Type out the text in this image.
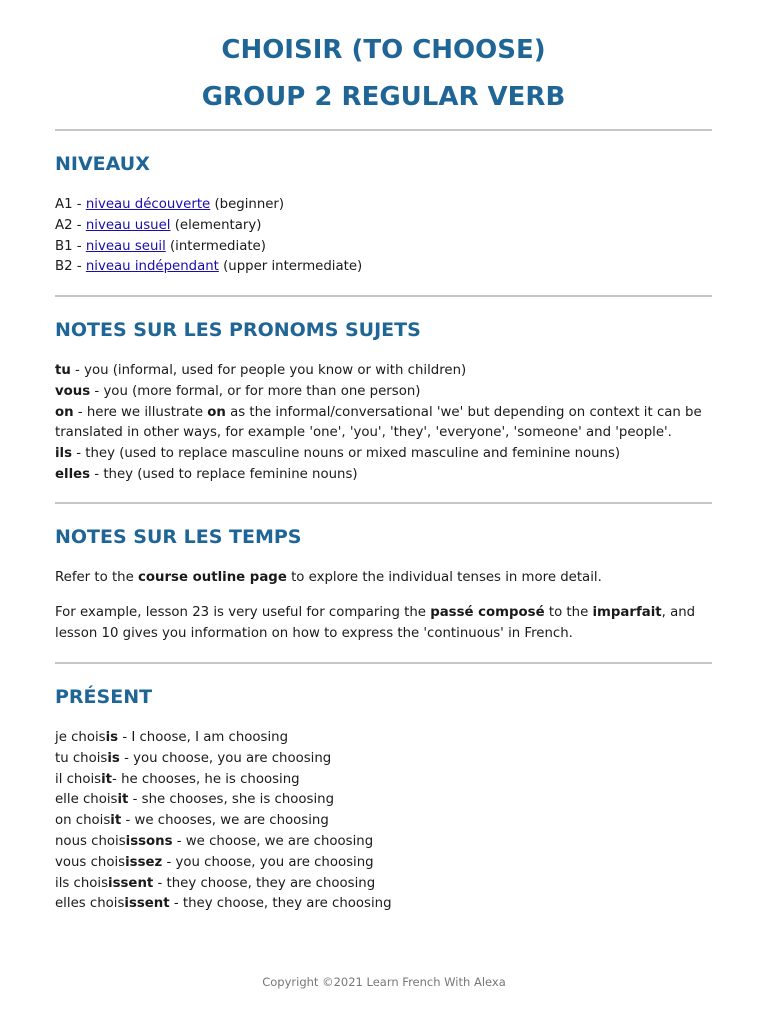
CHOISIR (TO CHOOSE)
GROUP 2 REGULAR VERB
NIVEAUX

A1 - niveau découverte (beginner)

A2 - niveau usuel (elementary)

B1 - niveau seuil (intermediate)

B2 - niveau indépendant (upper intermediate)

NOTES SUR LES PRONOMS SUJETS

tu - you (informal, used for people you know or with children)

vous - you (more formal, or for more than one person)

on - here we illustrate on as the informal/conversational 'we' but depending on context it can be translated in other ways, for example 'one', 'you', 'they', 'everyone', 'someone' and 'people'.

ils - they (used to replace masculine nouns or mixed masculine and feminine nouns)

elles - they (used to replace feminine nouns)

NOTES SUR LES TEMPS

Refer to the course outline page to explore the individual tenses in more detail.

For example, lesson 23 is very useful for comparing the passé composé to the imparfait, and lesson 10 gives you information on how to express the 'continuous' in French.

PRÉSENT

je choisis - I choose, I am choosing

tu choisis - you choose, you are choosing

il choisit- he chooses, he is choosing

elle choisit - she chooses, she is choosing

on choisit - we chooses, we are choosing

nous choisissons - we choose, we are choosing

vous choisissez - you choose, you are choosing

ils choisissent - they choose, they are choosing

elles choisissent - they choose, they are choosing

Copyright ©2021 Learn French With Alexa
